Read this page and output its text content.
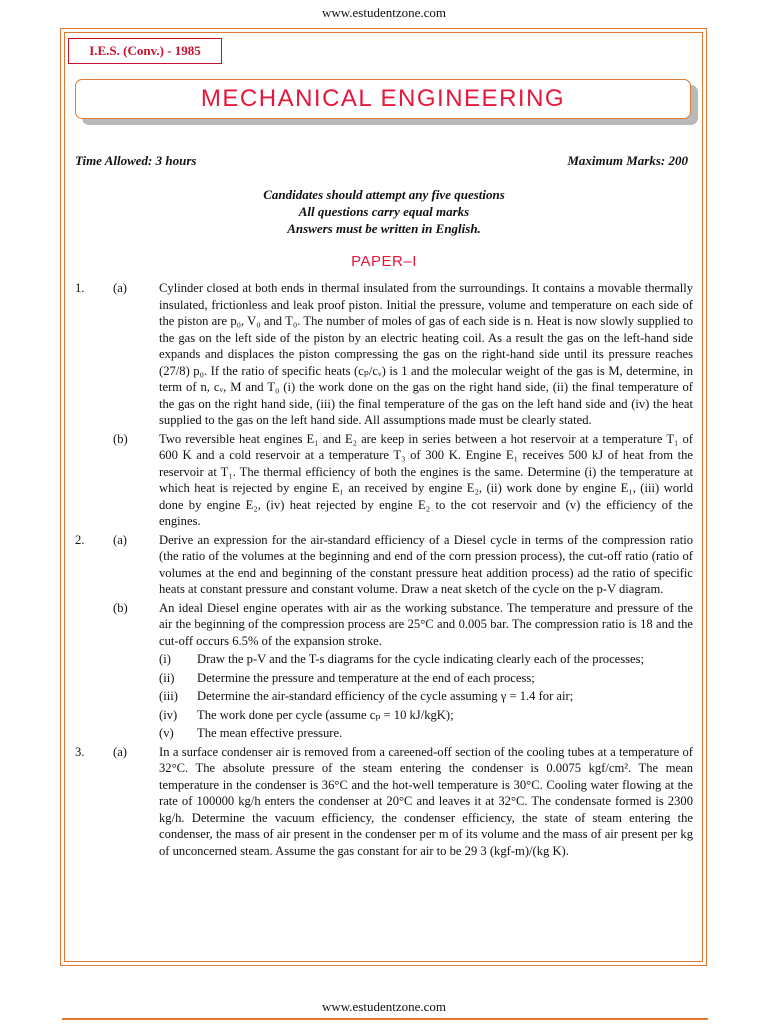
www.estudentzone.com
I.E.S. (Conv.) - 1985
MECHANICAL ENGINEERING
Time Allowed: 3 hours	Maximum Marks: 200
Candidates should attempt any five questions
All questions carry equal marks
Answers must be written in English.
PAPER–I
1.	(a)	Cylinder closed at both ends in thermal insulated from the surroundings. It contains a movable thermally insulated, frictionless and leak proof piston. Initial the pressure, volume and temperature on each side of the piston are p₀, V₀ and T₀. The number of moles of gas of each side is n. Heat is now slowly supplied to the gas on the left side of the piston by an electric heating coil. As a result the gas on the left-hand side expands and displaces the piston compressing the gas on the right-hand side until its pressure reaches (27/8) p₀. If the ratio of specific heats (cₚ/cᵥ) is 1 and the molecular weight of the gas is M, determine, in term of n, cᵥ, M and T₀ (i) the work done on the gas on the right hand side, (ii) the final temperature of the gas on the right hand side, (iii) the final temperature of the gas on the left hand side and (iv) the heat supplied to the gas on the left hand side. All assumptions made must be clearly stated.
(b)	Two reversible heat engines E₁ and E₂ are keep in series between a hot reservoir at a temperature T₁ of 600 K and a cold reservoir at a temperature T₃ of 300 K. Engine E₁ receives 500 kJ of heat from the reservoir at T₁. The thermal efficiency of both the engines is the same. Determine (i) the temperature at which heat is rejected by engine E₁ an received by engine E₂, (ii) work done by engine E₁, (iii) world done by engine E₂, (iv) heat rejected by engine E₂ to the cot reservoir and (v) the efficiency of the engines.
2.	(a)	Derive an expression for the air-standard efficiency of a Diesel cycle in terms of the compression ratio (the ratio of the volumes at the beginning and end of the corn pression process), the cut-off ratio (ratio of volumes at the end and beginning of the constant pressure heat addition process) ad the ratio of specific heats at constant pressure and constant volume. Draw a neat sketch of the cycle on the p-V diagram.
(b)	An ideal Diesel engine operates with air as the working substance. The temperature and pressure of the air the beginning of the compression process are 25°C and 0.005 bar. The compression ratio is 18 and the cut-off occurs 6.5% of the expansion stroke.
(i)	Draw the p-V and the T-s diagrams for the cycle indicating clearly each of the processes;
(ii)	Determine the pressure and temperature at the end of each process;
(iii)	Determine the air-standard efficiency of the cycle assuming γ = 1.4 for air;
(iv)	The work done per cycle (assume cₚ = 10 kJ/kgK);
(v)	The mean effective pressure.
3.	(a)	In a surface condenser air is removed from a careened-off section of the cooling tubes at a temperature of 32°C. The absolute pressure of the steam entering the condenser is 0.0075 kgf/cm². The mean temperature in the condenser is 36°C and the hot-well temperature is 30°C. Cooling water flowing at the rate of 100000 kg/h enters the condenser at 20°C and leaves it at 32°C. The condensate formed is 2300 kg/h. Determine the vacuum efficiency, the condenser efficiency, the state of steam entering the condenser, the mass of air present in the condenser per m of its volume and the mass of air present per kg of unconcerned steam. Assume the gas constant for air to be 29 3 (kgf-m)/(kg K).
www.estudentzone.com
